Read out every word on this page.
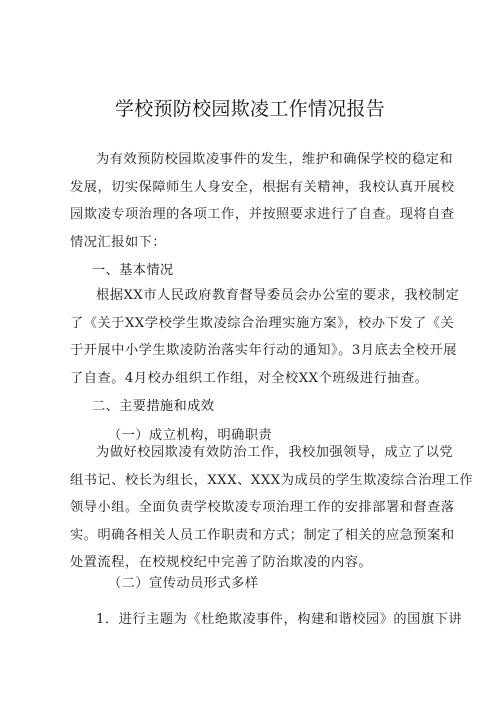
学校预防校园欺凌工作情况报告
为有效预防校园欺凌事件的发生，维护和确保学校的稳定和
发展，切实保障师生人身安全，根据有关精神，我校认真开展校
园欺凌专项治理的各项工作，并按照要求进行了自查。现将自查
情况汇报如下：
一、基本情况
根据XX市人民政府教育督导委员会办公室的要求，我校制定
了《关于XX学校学生欺凌综合治理实施方案》，校办下发了《关
于开展中小学生欺凌防治落实年行动的通知》。3月底去全校开展
了自查。4月校办组织工作组，对全校XX个班级进行抽查。
二、主要措施和成效
（一）成立机构，明确职责
为做好校园欺凌有效防治工作，我校加强领导，成立了以党
组书记、校长为组长，XXX、XXX为成员的学生欺凌综合治理工作
领导小组。全面负责学校欺凌专项治理工作的安排部署和督查落
实。明确各相关人员工作职责和方式；制定了相关的应急预案和
处置流程，在校规校纪中完善了防治欺凌的内容。
（二）宣传动员形式多样
1．进行主题为《杜绝欺凌事件，构建和谐校园》的国旗下讲
